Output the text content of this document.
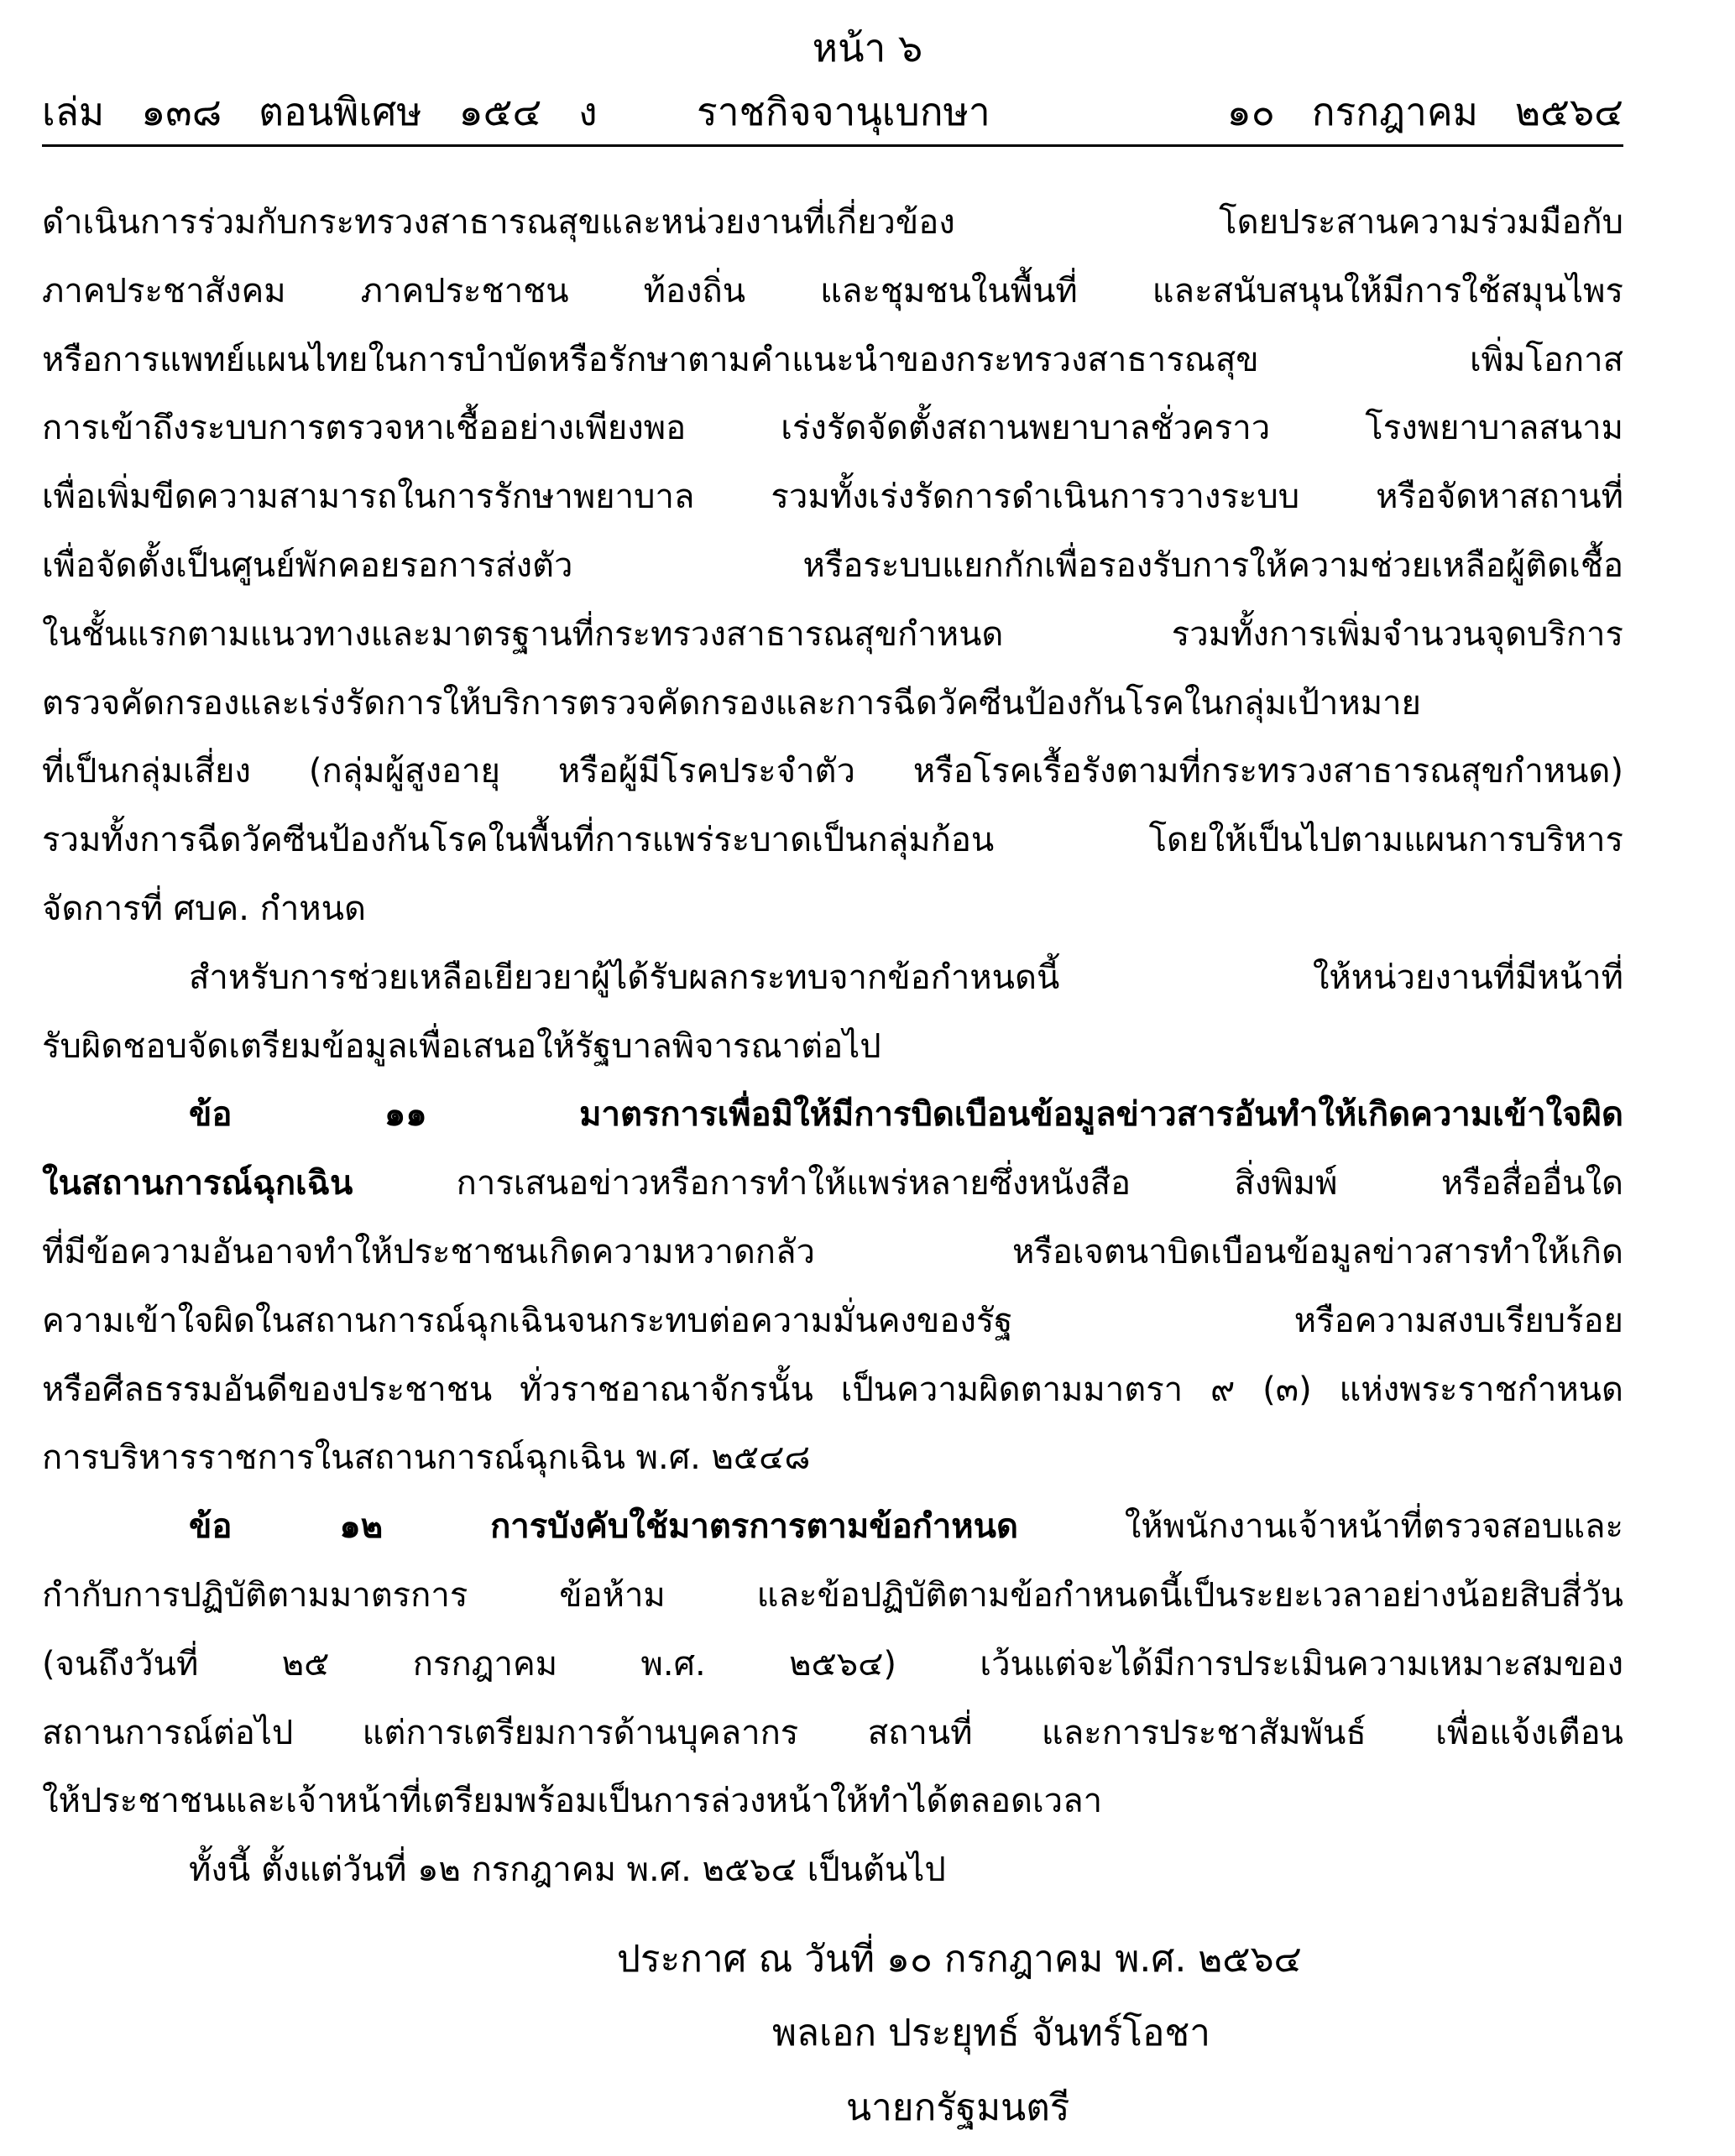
หน้า ๖
เล่ม   ๑๓๘   ตอนพิเศษ   ๑๕๔   ง	ราชกิจจานุเบกษา	๑๐   กรกฎาคม   ๒๕๖๔
ดำเนินการร่วมกับกระทรวงสาธารณสุขและหน่วยงานที่เกี่ยวข้อง โดยประสานความร่วมมือกับ
ภาคประชาสังคม ภาคประชาชน ท้องถิ่น และชุมชนในพื้นที่ และสนับสนุนให้มีการใช้สมุนไพร
หรือการแพทย์แผนไทยในการบำบัดหรือรักษาตามคำแนะนำของกระทรวงสาธารณสุข เพิ่มโอกาส
การเข้าถึงระบบการตรวจหาเชื้ออย่างเพียงพอ เร่งรัดจัดตั้งสถานพยาบาลชั่วคราว โรงพยาบาลสนาม
เพื่อเพิ่มขีดความสามารถในการรักษาพยาบาล รวมทั้งเร่งรัดการดำเนินการวางระบบ หรือจัดหาสถานที่
เพื่อจัดตั้งเป็นศูนย์พักคอยรอการส่งตัว หรือระบบแยกกักเพื่อรองรับการให้ความช่วยเหลือผู้ติดเชื้อ
ในชั้นแรกตามแนวทางและมาตรฐานที่กระทรวงสาธารณสุขกำหนด รวมทั้งการเพิ่มจำนวนจุดบริการ
ตรวจคัดกรองและเร่งรัดการให้บริการตรวจคัดกรองและการฉีดวัคซีนป้องกันโรคในกลุ่มเป้าหมาย
ที่เป็นกลุ่มเสี่ยง (กลุ่มผู้สูงอายุ หรือผู้มีโรคประจำตัว หรือโรคเรื้อรังตามที่กระทรวงสาธารณสุขกำหนด)
รวมทั้งการฉีดวัคซีนป้องกันโรคในพื้นที่การแพร่ระบาดเป็นกลุ่มก้อน โดยให้เป็นไปตามแผนการบริหาร
จัดการที่ ศบค. กำหนด
สำหรับการช่วยเหลือเยียวยาผู้ได้รับผลกระทบจากข้อกำหนดนี้ ให้หน่วยงานที่มีหน้าที่
รับผิดชอบจัดเตรียมข้อมูลเพื่อเสนอให้รัฐบาลพิจารณาต่อไป
ข้อ ๑๑ มาตรการเพื่อมิให้มีการบิดเบือนข้อมูลข่าวสารอันทำให้เกิดความเข้าใจผิด
ในสถานการณ์ฉุกเฉิน การเสนอข่าวหรือการทำให้แพร่หลายซึ่งหนังสือ สิ่งพิมพ์ หรือสื่ออื่นใด
ที่มีข้อความอันอาจทำให้ประชาชนเกิดความหวาดกลัว หรือเจตนาบิดเบือนข้อมูลข่าวสารทำให้เกิด
ความเข้าใจผิดในสถานการณ์ฉุกเฉินจนกระทบต่อความมั่นคงของรัฐ หรือความสงบเรียบร้อย
หรือศีลธรรมอันดีของประชาชน ทั่วราชอาณาจักรนั้น เป็นความผิดตามมาตรา ๙ (๓) แห่งพระราชกำหนด
การบริหารราชการในสถานการณ์ฉุกเฉิน พ.ศ. ๒๕๔๘
ข้อ ๑๒ การบังคับใช้มาตรการตามข้อกำหนด ให้พนักงานเจ้าหน้าที่ตรวจสอบและ
กำกับการปฏิบัติตามมาตรการ ข้อห้าม และข้อปฏิบัติตามข้อกำหนดนี้เป็นระยะเวลาอย่างน้อยสิบสี่วัน
(จนถึงวันที่ ๒๕ กรกฎาคม พ.ศ. ๒๕๖๔) เว้นแต่จะได้มีการประเมินความเหมาะสมของ
สถานการณ์ต่อไป แต่การเตรียมการด้านบุคลากร สถานที่ และการประชาสัมพันธ์ เพื่อแจ้งเตือน
ให้ประชาชนและเจ้าหน้าที่เตรียมพร้อมเป็นการล่วงหน้าให้ทำได้ตลอดเวลา
ทั้งนี้ ตั้งแต่วันที่ ๑๒ กรกฎาคม พ.ศ. ๒๕๖๔ เป็นต้นไป
ประกาศ ณ วันที่ ๑๐ กรกฎาคม พ.ศ. ๒๕๖๔
พลเอก ประยุทธ์ จันทร์โอชา
นายกรัฐมนตรี
